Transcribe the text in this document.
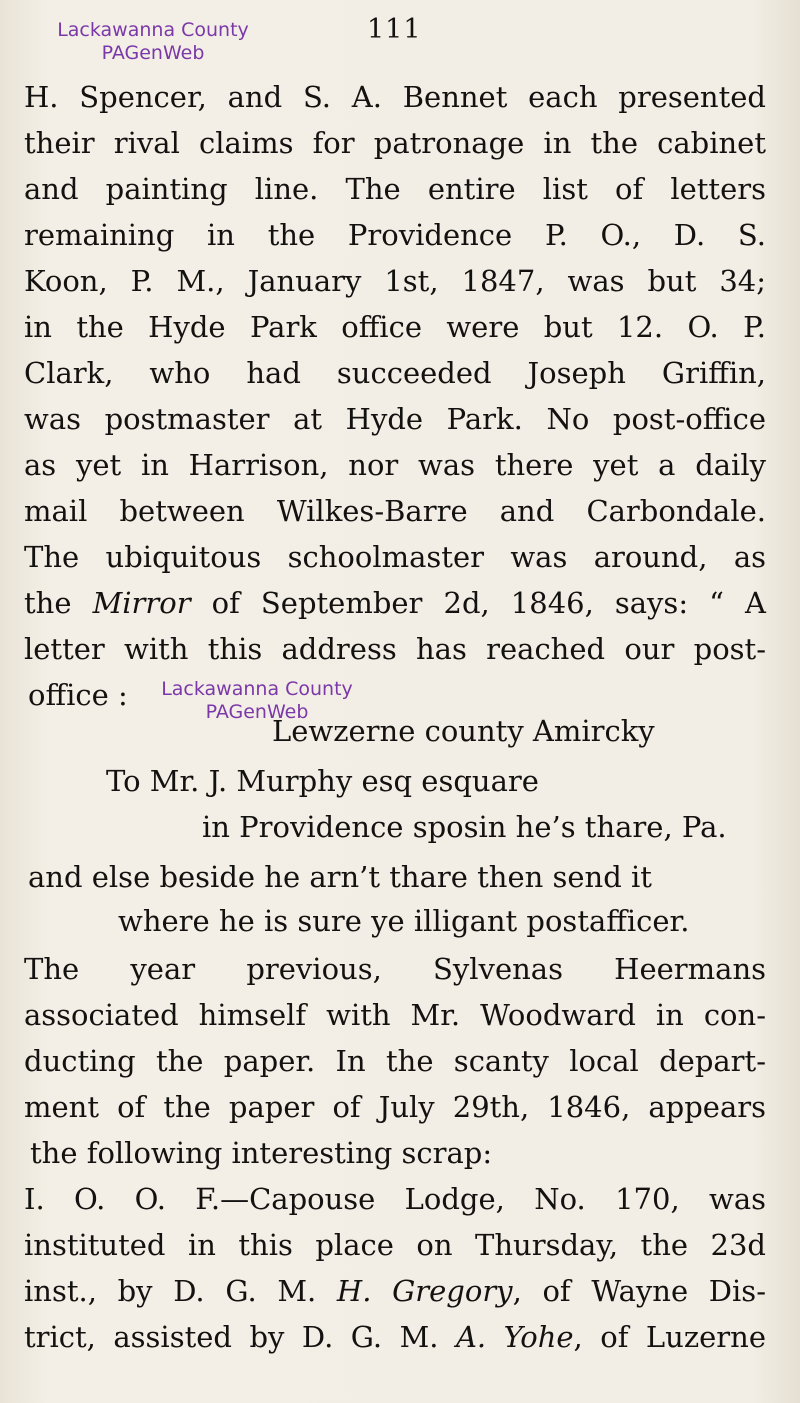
Lackawanna County
PAGenWeb
111
H. Spencer, and S. A. Bennet each presented
their rival claims for patronage in the cabinet
and painting line. The entire list of letters
remaining in the Providence P. O., D. S.
Koon, P. M., January 1st, 1847, was but 34;
in the Hyde Park office were but 12. O. P.
Clark, who had succeeded Joseph Griffin,
was postmaster at Hyde Park. No post-office
as yet in Harrison, nor was there yet a daily
mail between Wilkes-Barre and Carbondale.
The ubiquitous schoolmaster was around, as
the Mirror of September 2d, 1846, says: “ A
letter with this address has reached our post-
office :	Lackawanna County
PAGenWeb
Lewzerne county Amircky
To Mr. J. Murphy esq esquare
in Providence sposin he’s thare, Pa.
and else beside he arn’t thare then send it
where he is sure ye illigant postafficer.
The year previous, Sylvenas Heermans
associated himself with Mr. Woodward in con-
ducting the paper. In the scanty local depart-
ment of the paper of July 29th, 1846, appears
the following interesting scrap:
I. O. O. F.—Capouse Lodge, No. 170, was
instituted in this place on Thursday, the 23d
inst., by D. G. M. H. Gregory, of Wayne Dis-
trict, assisted by D. G. M. A. Yohe, of Luzerne
